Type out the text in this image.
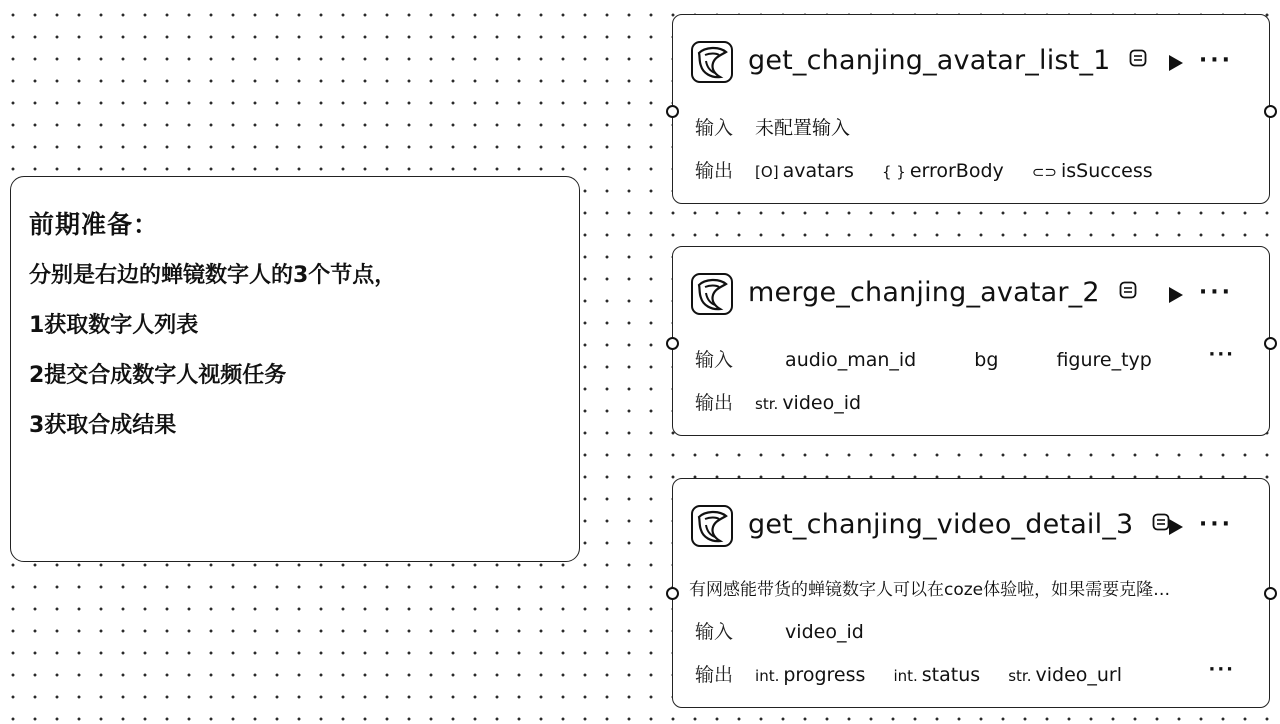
前期准备：
分别是右边的蝉镜数字人的3个节点，
1获取数字人列表
2提交合成数字人视频任务
3获取合成结果
get_chanjing_avatar_list_1	···
输入 未配置输入
输出 [O] avatars { } errorBody ⊂⊃ isSuccess
merge_chanjing_avatar_2	···
输入	audio_man_id	bg	figure_typ	···
输出 str. video_id
get_chanjing_video_detail_3	···
有网感能带货的蝉镜数字人可以在coze体验啦，如果需要克隆…
输入	video_id
输出 int. progress int. status str. video_url	···
